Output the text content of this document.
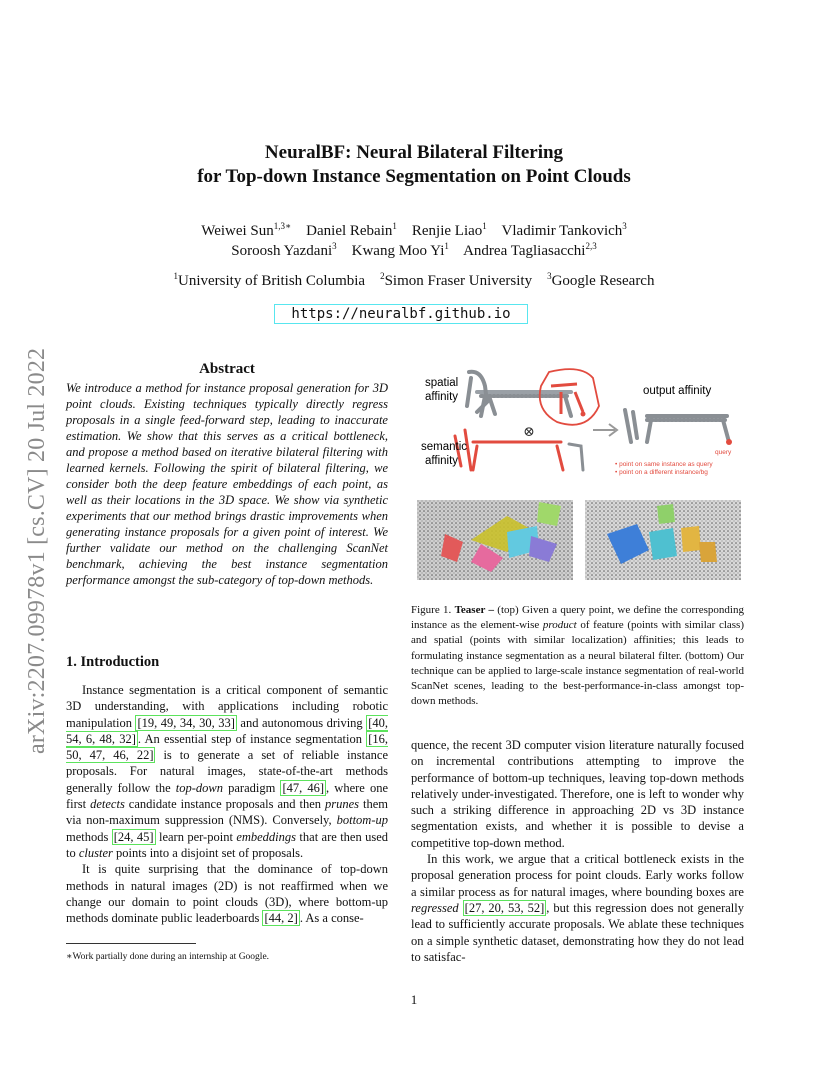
arXiv:2207.09978v1 [cs.CV] 20 Jul 2022
NeuralBF: Neural Bilateral Filtering
for Top-down Instance Segmentation on Point Clouds
Weiwei Sun$^{1,3∗}$ Daniel Rebain$^1$ Renjie Liao$^1$ Vladimir Tankovich$^3$
Soroosh Yazdani$^3$ Kwang Moo Yi$^1$ Andrea Tagliasacchi$^{2,3}$
$^1$University of British Columbia $^2$Simon Fraser University $^3$Google Research
https://neuralbf.github.io
Abstract

We introduce a method for instance proposal generation for 3D point clouds. Existing techniques typically directly regress proposals in a single feed-forward step, leading to inaccurate estimation. We show that this serves as a critical bottleneck, and propose a method based on iterative bilateral filtering with learned kernels. Following the spirit of bilateral filtering, we consider both the deep feature embeddings of each point, as well as their locations in the 3D space. We show via synthetic experiments that our method brings drastic improvements when generating instance proposals for a given point of interest. We further validate our method on the challenging ScanNet benchmark, achieving the best instance segmentation performance amongst the sub-category of top-down methods.

1. Introduction

Instance segmentation is a critical component of semantic 3D understanding, with applications including robotic manipulation [19, 49, 34, 30, 33] and autonomous driving [40, 54, 6, 48, 32] . An essential step of instance segmentation [16, 50, 47, 46, 22] is to generate a set of reliable instance proposals. For natural images, state-of-the-art methods generally follow the top-down paradigm [47, 46] , where one first detects candidate instance proposals and then prunes them via non-maximum suppression (NMS). Conversely, bottom-up methods [24, 45] learn per-point embeddings that are then used to cluster points into a disjoint set of proposals.

It is quite surprising that the dominance of top-down methods in natural images (2D) is not reaffirmed when we change our domain to point clouds (3D), where bottom-up methods dominate public leaderboards [44, 2] . As a conse-

quence, the recent 3D computer vision literature naturally focused on incremental contributions attempting to improve the performance of bottom-up techniques, leaving top-down methods relatively under-investigated. Therefore, one is left to wonder why such a striking difference in approaching 2D vs 3D instance segmentation exists, and whether it is possible to devise a competitive top-down method.

In this work, we argue that a critical bottleneck exists in the proposal generation process for point clouds. Early works follow a similar process as for natural images, where bounding boxes are regressed [27, 20, 53, 52] , but this regression does not generally lead to sufficiently accurate proposals. We ablate these techniques on a simple synthetic dataset, demonstrating how they do not lead to satisfac-

⊗
spatial
affinity
semantic
affinity
output affinity
query
• point on same instance as query
• point on a different instance/bg
Figure 1. Teaser – (top) Given a query point, we define the corresponding instance as the element-wise product of feature (points with similar class) and spatial (points with similar localization) affinities; this leads to formulating instance segmentation as a neural bilateral filter. (bottom) Our technique can be applied to large-scale instance segmentation of real-world ScanNet scenes, leading to the best-performance-in-class amongst top-down methods.
∗Work partially done during an internship at Google.
1
